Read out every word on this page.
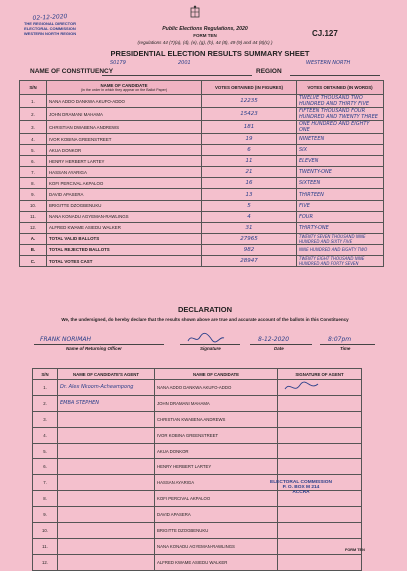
02-12-2020
THE REGIONAL DIRECTOR
ELECTORAL COMMISSION
WESTERN NORTH REGION
Public Elections Regulations, 2020
FORM TEN
(regulations 44 (7)(a), (d), (e), (g), (h), 44 (8), 49 (9) and 44 (8)(c) )
CJ.127
PRESIDENTIAL ELECTION RESULTS SUMMARY SHEET
S0179	2001	WESTERN NORTH
NAME OF CONSTITUENCY	REGION
S/N	NAME OF CANDIDATE
(in the order in which they appear on the Ballot Paper)	VOTES OBTAINED (IN FIGURES)	VOTES OBTAINED (IN WORDS)
1.	NANA ADDO DANKWA AKUFO-ADDO	12235	TWELVE THOUSAND TWO HUNDRED AND THIRTY FIVE
2.	JOHN DRAMANI MAHAMA	15423	FIFTEEN THOUSAND FOUR HUNDRED AND TWENTY THREE
3.	CHRISTIAN DWABENA ANDREWS	181	ONE HUNDRED AND EIGHTY ONE
4.	IVOR KOBINA GREENSTREET	19	NINETEEN
5.	AKUA DONKOR	6	SIX
6.	HENRY HERBERT LARTEY	11	ELEVEN
7.	HASSAN AYARIGA	21	TWENTY-ONE
8.	KOFI PERCIVAL AKPALOO	16	SIXTEEN
9.	DAVID APASERA	13	THIRTEEN
10.	BRIGITTE DZOGBENUKU	5	FIVE
11.	NANA KONADU AGYEMAN-RAWLINGS	4	FOUR
12.	ALFRED KWAME ASIEDU WALKER	31	THIRTY-ONE
A.	TOTAL VALID BALLOTS	27965	TWENTY SEVEN THOUSAND NINE HUNDRED AND SIXTY FIVE
B.	TOTAL REJECTED BALLOTS	982	NINE HUNDRED AND EIGHTY TWO
C.	TOTAL VOTES CAST	28947	TWENTY EIGHT THOUSAND NINE HUNDRED AND FORTY SEVEN
DECLARATION
We, the undersigned, do hereby declare that the results shown above are true and accurate account of the ballots in this Constituency
FRANK NORIMAH
Name of Returning Officer	Signature
8-12-2020
Date
8:07pm
Time
S/N	NAME OF CANDIDATE'S AGENT	NAME OF CANDIDATE	SIGNATURE OF AGENT
1.	Dr. Alex Nkoom-Acheampong	NANA ADDO DANKWA AKUFO-ADDO	
2.	EMBA STEPHEN	JOHN DRAMANI MAHAMA	
3.		CHRISTIAN KWABENA ANDREWS	
4.		IVOR KOBINA GREENSTREET	
5.		AKUA DONKOR	
6.		HENRY HERBERT LARTEY	
7.		HASSAN AYARIGA	
8.		KOFI PERCIVAL AKPALOO	
9.		DAVID APASERA	
10.		BRIGITTE DZOGBENUKU	
11.		NANA KONADU AGYEMAN-RAWLINGS	
12.		ALFRED KWAME ASIEDU WALKER	
ELECTORAL COMMISSION
P. O. BOX M 214
ACCRA
FORM TEN
